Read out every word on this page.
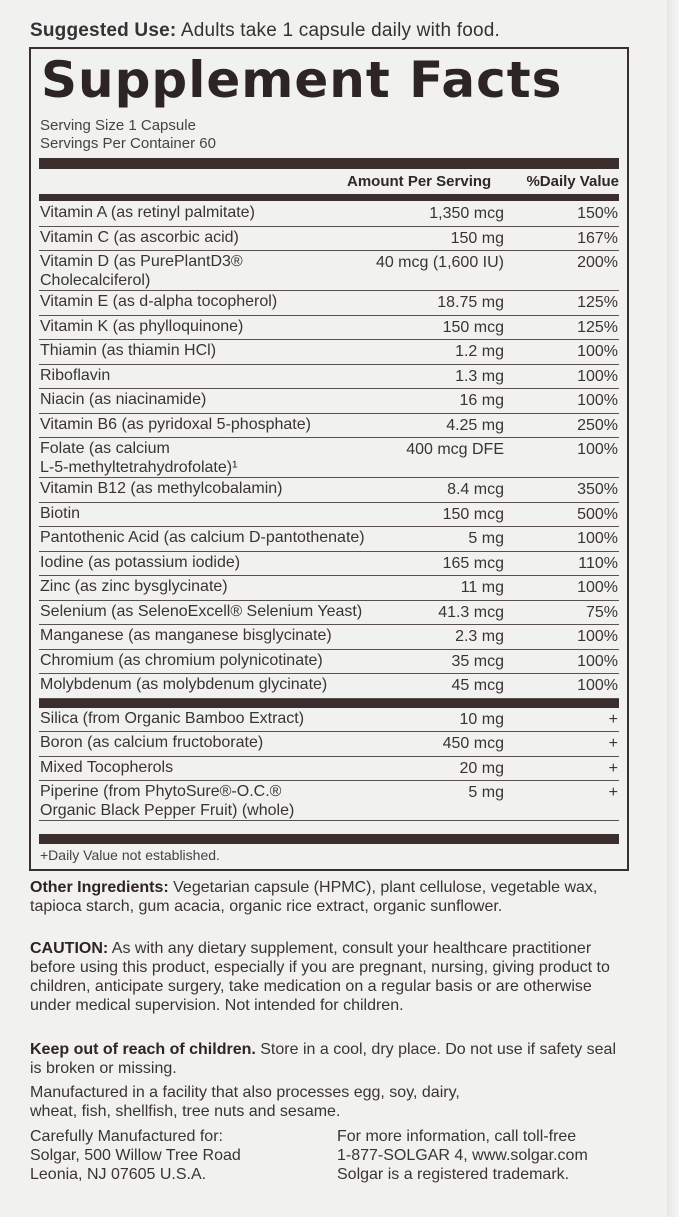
Suggested Use: Adults take 1 capsule daily with food.
Supplement Facts
Serving Size 1 Capsule
Servings Per Container 60
Amount Per Serving %Daily Value
Vitamin A (as retinyl palmitate)	1,350 mcg	150%
Vitamin C (as ascorbic acid)	150 mg	167%
Vitamin D (as PurePlantD3®
Cholecalciferol)
40 mcg (1,600 IU)	200%
Vitamin E (as d-alpha tocopherol)	18.75 mg	125%
Vitamin K (as phylloquinone)	150 mcg	125%
Thiamin (as thiamin HCl)	1.2 mg	100%
Riboflavin	1.3 mg	100%
Niacin (as niacinamide)	16 mg	100%
Vitamin B6 (as pyridoxal 5-phosphate)	4.25 mg	250%
Folate (as calcium
L-5-methyltetrahydrofolate)¹
400 mcg DFE	100%
Vitamin B12 (as methylcobalamin)	8.4 mcg	350%
Biotin	150 mcg	500%
Pantothenic Acid (as calcium D-pantothenate)	5 mg	100%
Iodine (as potassium iodide)	165 mcg	110%
Zinc (as zinc bysglycinate)	11 mg	100%
Selenium (as SelenoExcell® Selenium Yeast)	41.3 mcg	75%
Manganese (as manganese bisglycinate)	2.3 mg	100%
Chromium (as chromium polynicotinate)	35 mcg	100%
Molybdenum (as molybdenum glycinate)	45 mcg	100%
Silica (from Organic Bamboo Extract)	10 mg	+
Boron (as calcium fructoborate)	450 mcg	+
Mixed Tocopherols	20 mg	+
Piperine (from PhytoSure®-O.C.®
Organic Black Pepper Fruit) (whole)
5 mg	+
+Daily Value not established.
Other Ingredients: Vegetarian capsule (HPMC), plant cellulose, vegetable wax, tapioca starch, gum acacia, organic rice extract, organic sunflower.
CAUTION: As with any dietary supplement, consult your healthcare practitioner before using this product, especially if you are pregnant, nursing, giving product to children, anticipate surgery, take medication on a regular basis or are otherwise under medical supervision. Not intended for children.
Keep out of reach of children. Store in a cool, dry place. Do not use if safety seal is broken or missing.
Manufactured in a facility that also processes egg, soy, dairy, wheat, fish, shellfish, tree nuts and sesame.
Carefully Manufactured for:
Solgar, 500 Willow Tree Road
Leonia, NJ 07605 U.S.A.
For more information, call toll-free
1-877-SOLGAR 4, www.solgar.com
Solgar is a registered trademark.
